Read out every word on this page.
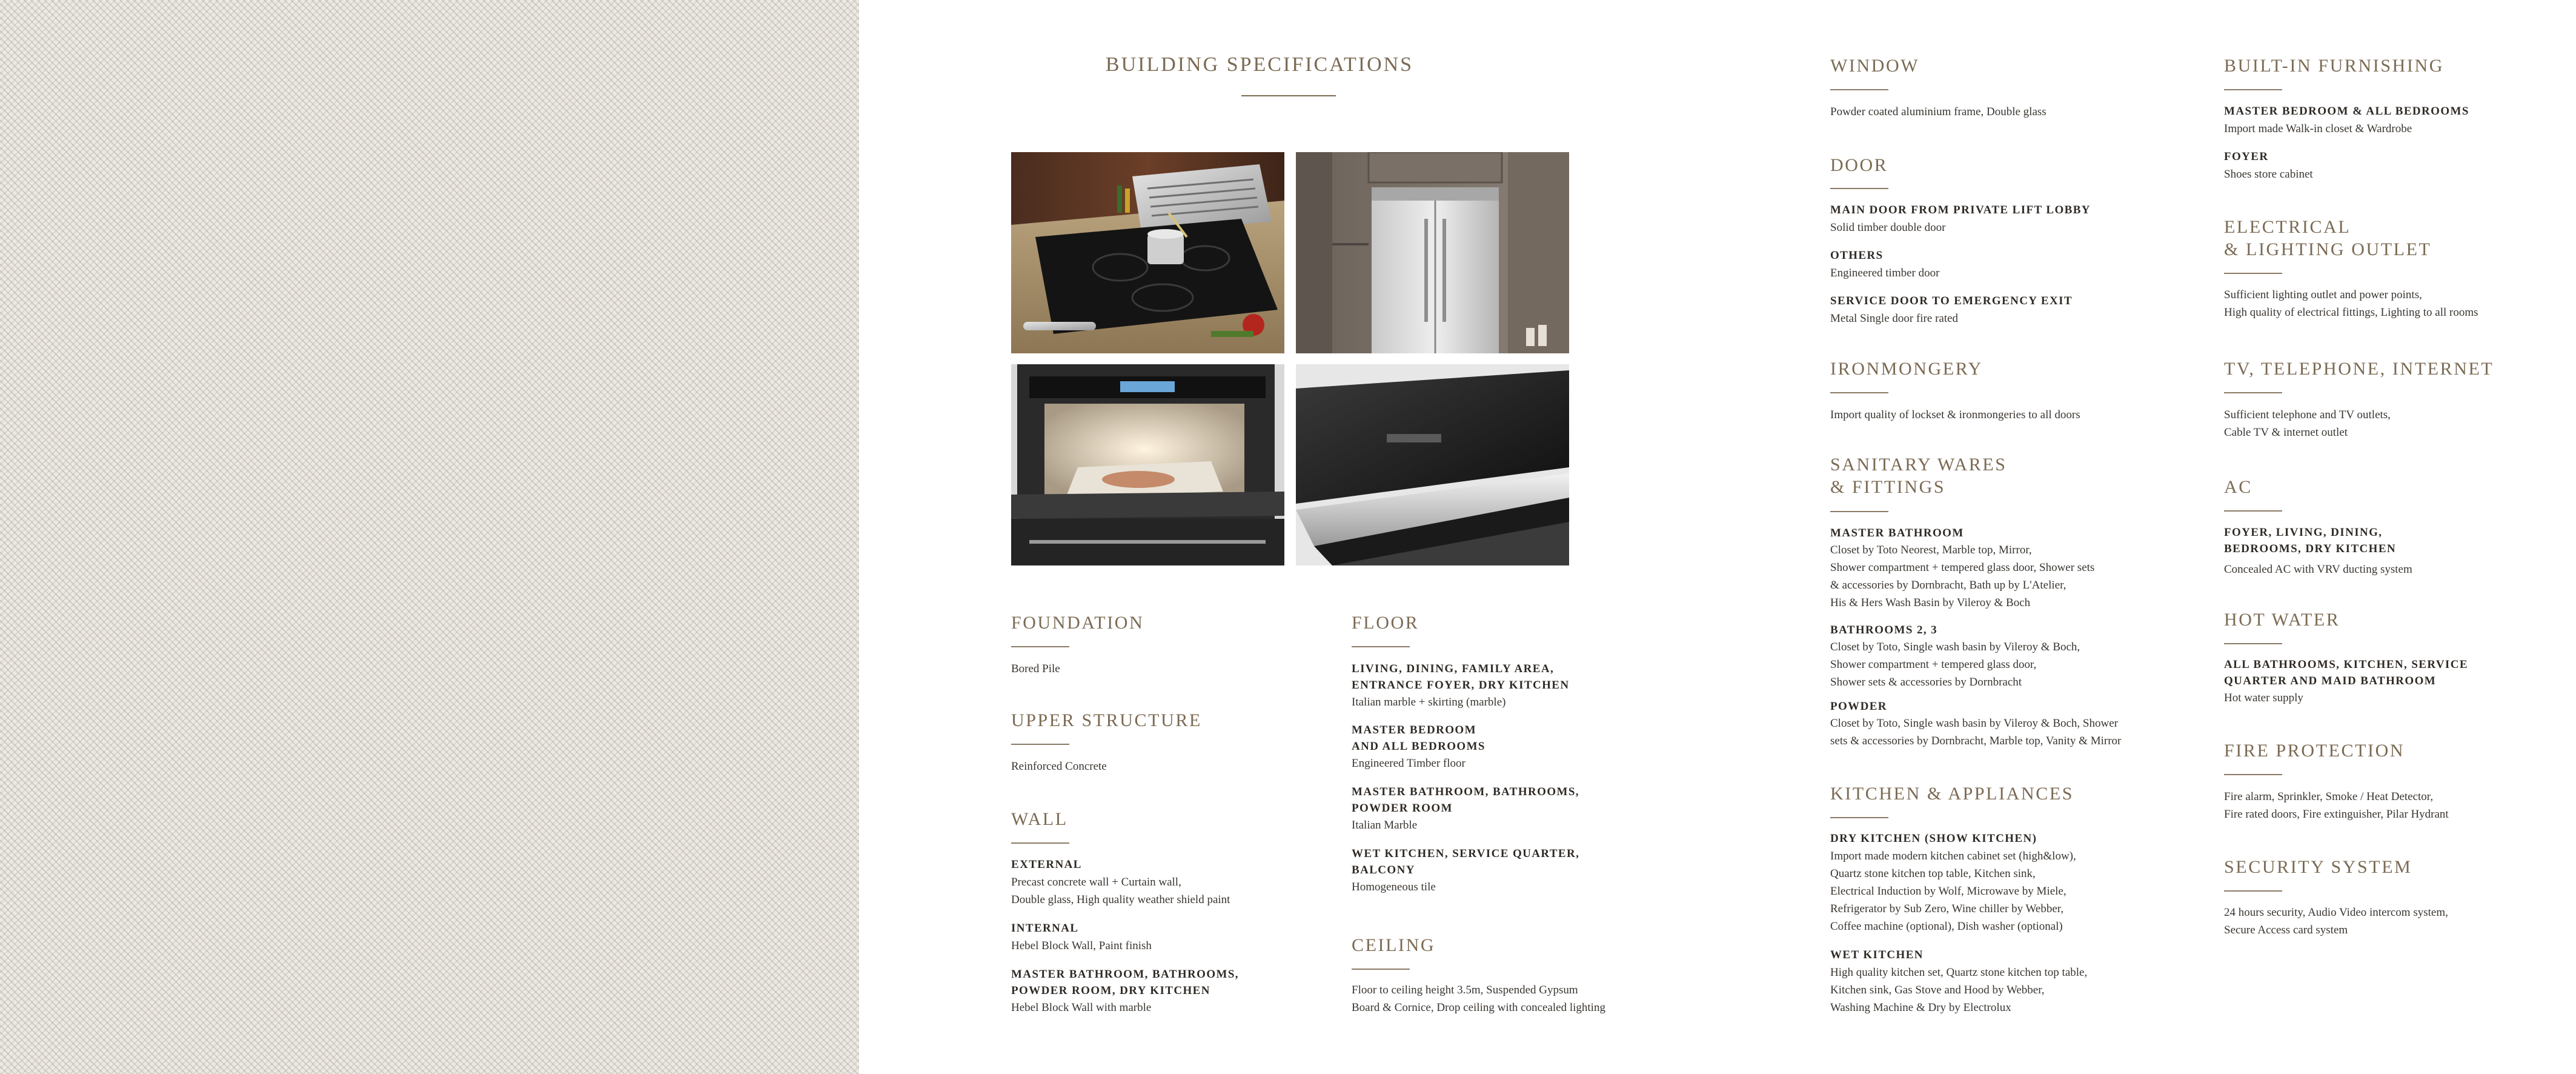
BUILDING SPECIFICATIONS
FOUNDATION
Bored Pile
UPPER STRUCTURE
Reinforced Concrete
WALL
EXTERNAL
Precast concrete wall + Curtain wall,
Double glass, High quality weather shield paint
INTERNAL
Hebel Block Wall, Paint finish
MASTER BATHROOM, BATHROOMS,
POWDER ROOM, DRY KITCHEN
Hebel Block Wall with marble
FLOOR
LIVING, DINING, FAMILY AREA,
ENTRANCE FOYER, DRY KITCHEN
Italian marble + skirting (marble)
MASTER BEDROOM
AND ALL BEDROOMS
Engineered Timber floor
MASTER BATHROOM, BATHROOMS,
POWDER ROOM
Italian Marble
WET KITCHEN, SERVICE QUARTER,
BALCONY
Homogeneous tile
CEILING
Floor to ceiling height 3.5m, Suspended Gypsum
Board & Cornice, Drop ceiling with concealed lighting
WINDOW
Powder coated aluminium frame, Double glass
DOOR
MAIN DOOR FROM PRIVATE LIFT LOBBY
Solid timber double door
OTHERS
Engineered timber door
SERVICE DOOR TO EMERGENCY EXIT
Metal Single door fire rated
IRONMONGERY
Import quality of lockset & ironmongeries to all doors
SANITARY WARES
& FITTINGS
MASTER BATHROOM
Closet by Toto Neorest, Marble top, Mirror,
Shower compartment + tempered glass door, Shower sets
& accessories by Dornbracht, Bath up by L'Atelier,
His & Hers Wash Basin by Vileroy & Boch
BATHROOMS 2, 3
Closet by Toto, Single wash basin by Vileroy & Boch,
Shower compartment + tempered glass door,
Shower sets & accessories by Dornbracht
POWDER
Closet by Toto, Single wash basin by Vileroy & Boch, Shower
sets & accessories by Dornbracht, Marble top, Vanity & Mirror
KITCHEN & APPLIANCES
DRY KITCHEN (SHOW KITCHEN)
Import made modern kitchen cabinet set (high&low),
Quartz stone kitchen top table, Kitchen sink,
Electrical Induction by Wolf, Microwave by Miele,
Refrigerator by Sub Zero, Wine chiller by Webber,
Coffee machine (optional), Dish washer (optional)
WET KITCHEN
High quality kitchen set, Quartz stone kitchen top table,
Kitchen sink, Gas Stove and Hood by Webber,
Washing Machine & Dry by Electrolux
BUILT-IN FURNISHING
MASTER BEDROOM & ALL BEDROOMS
Import made Walk-in closet & Wardrobe
FOYER
Shoes store cabinet
ELECTRICAL
& LIGHTING OUTLET
Sufficient lighting outlet and power points,
High quality of electrical fittings, Lighting to all rooms
TV, TELEPHONE, INTERNET
Sufficient telephone and TV outlets,
Cable TV & internet outlet
AC
FOYER, LIVING, DINING,
BEDROOMS, DRY KITCHEN
Concealed AC with VRV ducting system
HOT WATER
ALL BATHROOMS, KITCHEN, SERVICE
QUARTER AND MAID BATHROOM
Hot water supply
FIRE PROTECTION
Fire alarm, Sprinkler, Smoke / Heat Detector,
Fire rated doors, Fire extinguisher, Pilar Hydrant
SECURITY SYSTEM
24 hours security, Audio Video intercom system,
Secure Access card system
